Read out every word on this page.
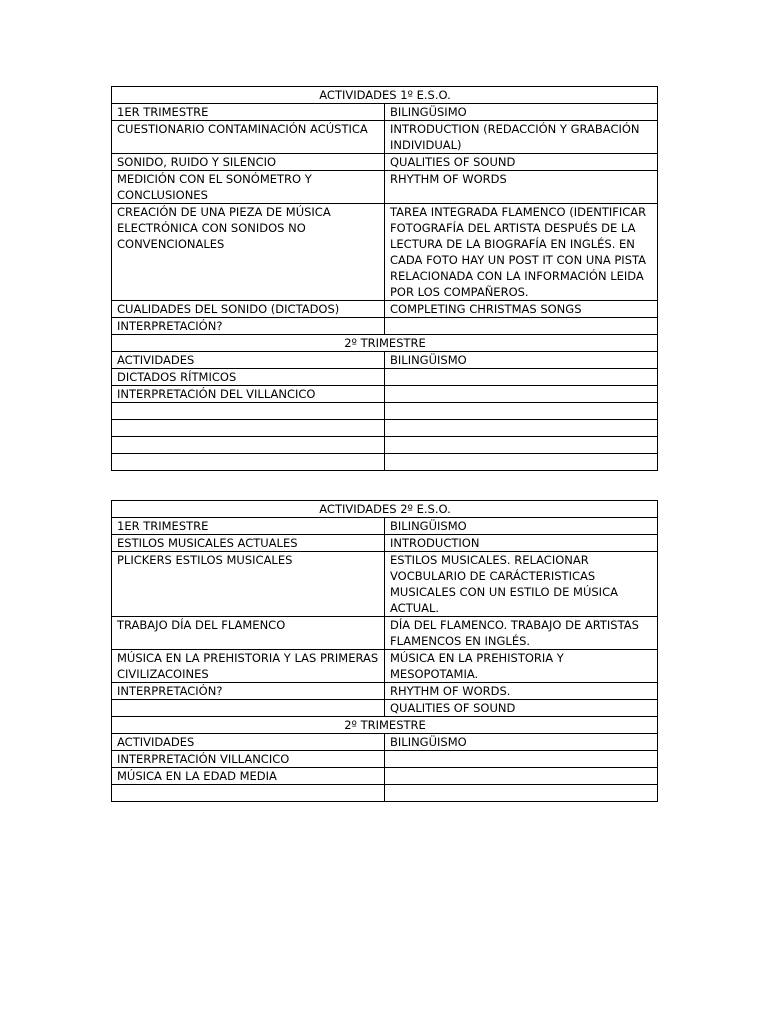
ACTIVIDADES 1º E.S.O.	
1ER TRIMESTRE	BILINGÜSIMO
CUESTIONARIO CONTAMINACIÓN ACÚSTICA	INTRODUCTION (REDACCIÓN Y GRABACIÓN INDIVIDUAL)
SONIDO, RUIDO Y SILENCIO	QUALITIES OF SOUND
MEDICIÓN CON EL SONÓMETRO Y CONCLUSIONES	RHYTHM OF WORDS
CREACIÓN DE UNA PIEZA DE MÚSICA ELECTRÓNICA CON SONIDOS NO CONVENCIONALES	TAREA INTEGRADA FLAMENCO (IDENTIFICAR FOTOGRAFÍA DEL ARTISTA DESPUÉS DE LA LECTURA DE LA BIOGRAFÍA EN INGLÉS. EN CADA FOTO HAY UN POST IT CON UNA PISTA RELACIONADA CON LA INFORMACIÓN LEIDA POR LOS COMPAÑEROS.
CUALIDADES DEL SONIDO (DICTADOS)	COMPLETING CHRISTMAS SONGS
INTERPRETACIÓN?	
2º TRIMESTRE	
ACTIVIDADES	BILINGÜISMO
DICTADOS RÍTMICOS	
INTERPRETACIÓN DEL VILLANCICO	

ACTIVIDADES 2º E.S.O.	
1ER TRIMESTRE	BILINGÜISMO
ESTILOS MUSICALES ACTUALES	INTRODUCTION
PLICKERS ESTILOS MUSICALES	ESTILOS MUSICALES. RELACIONAR VOCBULARIO DE CARÁCTERISTICAS MUSICALES CON UN ESTILO DE MÚSICA ACTUAL.
TRABAJO DÍA DEL FLAMENCO	DÍA DEL FLAMENCO. TRABAJO DE ARTISTAS FLAMENCOS EN INGLÉS.
MÚSICA EN LA PREHISTORIA Y LAS PRIMERAS CIVILIZACOINES	MÚSICA EN LA PREHISTORIA Y MESOPOTAMIA.
INTERPRETACIÓN?	RHYTHM OF WORDS.
	QUALITIES OF SOUND
2º TRIMESTRE	
ACTIVIDADES	BILINGÜISMO
INTERPRETACIÓN VILLANCICO	
MÚSICA EN LA EDAD MEDIA	
